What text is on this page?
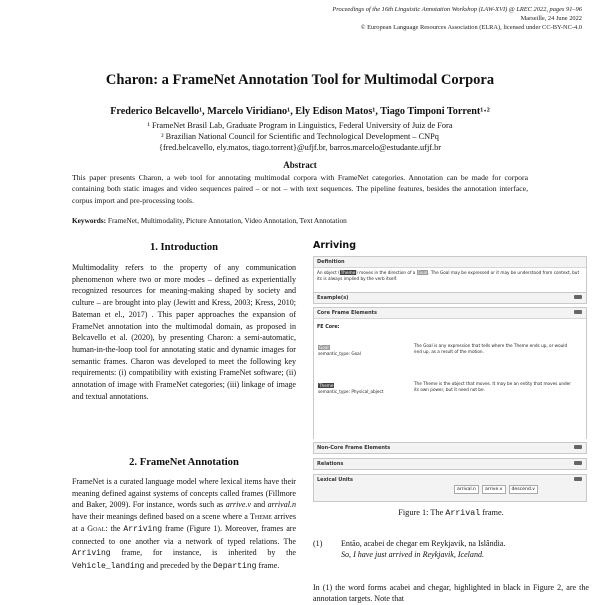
Proceedings of the 16th Linguistic Annotation Workshop (LAW-XVI) @ LREC 2022, pages 91–96
Marseille, 24 June 2022
© European Language Resources Association (ELRA), licensed under CC-BY-NC-4.0
Charon: a FrameNet Annotation Tool for Multimodal Corpora
Frederico Belcavello¹, Marcelo Viridiano¹, Ely Edison Matos¹, Tiago Timponi Torrent¹·²
¹ FrameNet Brasil Lab, Graduate Program in Linguistics, Federal University of Juiz de Fora
² Brazilian National Council for Scientific and Technological Development – CNPq
{fred.belcavello, ely.matos, tiago.torrent}@ufjf.br, barros.marcelo@estudante.ufjf.br
Abstract
This paper presents Charon, a web tool for annotating multimodal corpora with FrameNet categories. Annotation can be made for corpora containing both static images and video sequences paired – or not – with text sequences. The pipeline features, besides the annotation interface, corpus import and pre-processing tools.
Keywords: FrameNet, Multimodality, Picture Annotation, Video Annotation, Text Annotation
1. Introduction
Multimodality refers to the property of any communication phenomenon where two or more modes – defined as experientially recognized resources for meaning-making shaped by society and culture – are brought into play (Jewitt and Kress, 2003; Kress, 2010; Bateman et el., 2017) . This paper approaches the expansion of FrameNet annotation into the multimodal domain, as proposed in Belcavello et al. (2020), by presenting Charon: a semi-automatic, human-in-the-loop tool for annotating static and dynamic images for semantic frames. Charon was developed to meet the following key requirements: (i) compatibility with existing FrameNet software; (ii) annotation of image with FrameNet categories; (iii) linkage of image and textual annotations.
2. FrameNet Annotation
FrameNet is a curated language model where lexical items have their meaning defined against systems of concepts called frames (Fillmore and Baker, 2009). For instance, words such as arrive.v and arrival.n have their meanings defined based on a scene where a Theme arrives at a Goal: the Arriving frame (Figure 1). Moreover, frames are connected to one another via a network of typed relations. The Arriving frame, for instance, is inherited by the Vehicle_landing and preceded by the Departing frame.
Arriving
Definition
An object (Theme) moves in the direction of a Goal. The Goal may be expressed or it may be understood from context, but its is always implied by the verb itself.
Example(s)
Core Frame Elements
FE Core:
Goal
semantic_type: Goal
The Goal is any expression that tells where the Theme ends up, or would end up, as a result of the motion.
Theme
semantic_type: Physical_object
The Theme is the object that moves. It may be an entity that moves under its own power, but it need not be.
Non-Core Frame Elements
Relations
Lexical Units
arrival.n	arrive.v	descend.v
Figure 1: The Arrival frame.
(1) Então, acabei de chegar em Reykjavik, na Islândia.
So, I have just arrived in Reykjavik, Iceland.
In (1) the word forms acabei and chegar, highlighted in black in Figure 2, are the annotation targets. Note that
